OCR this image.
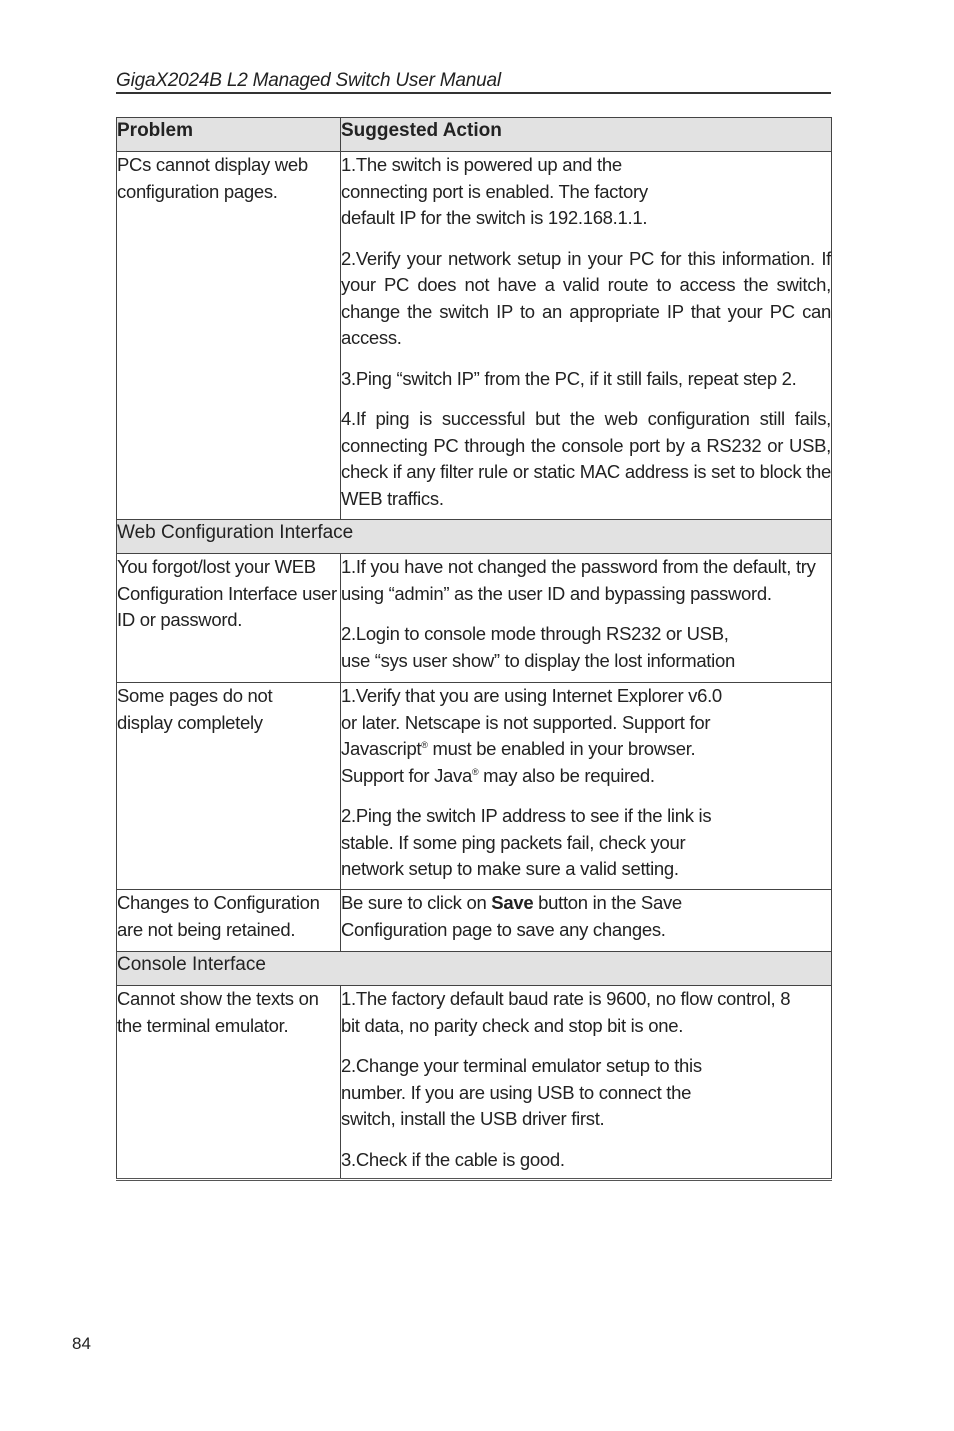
GigaX2024B L2 Managed Switch User Manual
Problem	Suggested Action
PCs cannot display web configuration pages.	1.The switch is powered up and the connecting port is enabled. The factory default IP for the switch is 192.168.1.1.

2.Verify your network setup in your PC for this information. If your PC does not have a valid route to access the switch, change the switch IP to an appropriate IP that your PC can access.

3.Ping “switch IP” from the PC, if it still fails, repeat step 2.

4.If ping is successful but the web configuration still fails, connecting PC through the console port by a RS232 or USB, check if any filter rule or static MAC address is set to block the WEB traffics.

Web Configuration Interface	
You forgot/lost your WEB Configuration Interface user ID or password.	1.If you have not changed the password from the default, try using “admin” as the user ID and bypassing password.

2.Login to console mode through RS232 or USB, use “sys user show” to display the lost information

Some pages do not display completely	1.Verify that you are using Internet Explorer v6.0 or later. Netscape is not supported. Support for Javascript® must be enabled in your browser.
Support for Java® may also be required.

2.Ping the switch IP address to see if the link is stable. If some ping packets fail, check your network setup to make sure a valid setting.

Changes to Configuration are not being retained.	Be sure to click on Save button in the Save Configuration page to save any changes.

Console Interface	
Cannot show the texts on the terminal emulator.	1.The factory default baud rate is 9600, no flow control, 8 bit data, no parity check and stop bit is one.

2.Change your terminal emulator setup to this number. If you are using USB to connect the switch, install the USB driver first.

3.Check if the cable is good.

84
